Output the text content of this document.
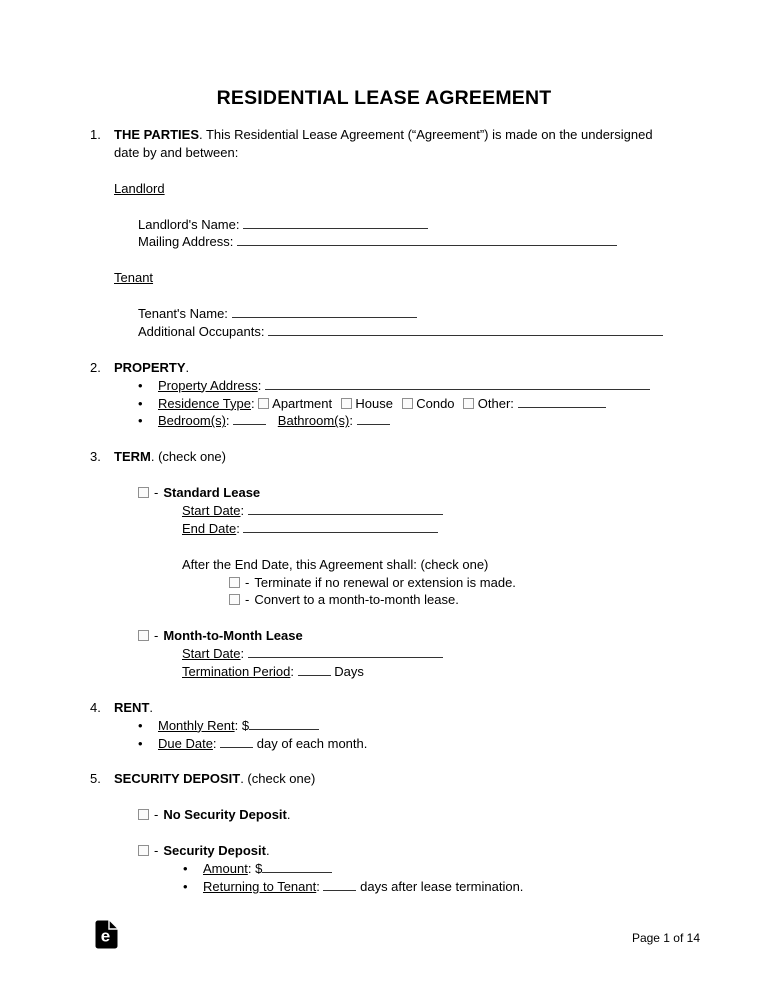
RESIDENTIAL LEASE AGREEMENT
1. THE PARTIES. This Residential Lease Agreement (“Agreement”) is made on the undersigned date by and between:
Landlord
Landlord's Name:
Mailing Address:
Tenant
Tenant's Name:
Additional Occupants:
2. PROPERTY.
• Property Address:
• Residence Type: Apartment House Condo Other:
• Bedroom(s):	Bathroom(s):
3. TERM. (check one)
- Standard Lease
Start Date:
End Date:
After the End Date, this Agreement shall: (check one)
- Terminate if no renewal or extension is made.
- Convert to a month-to-month lease.
- Month-to-Month Lease
Start Date:
Termination Period:	Days
4. RENT.
• Monthly Rent: $
• Due Date:	day of each month.
5. SECURITY DEPOSIT. (check one)
- No Security Deposit.
- Security Deposit.
• Amount: $
• Returning to Tenant:	days after lease termination.
e	Page 1 of 14
